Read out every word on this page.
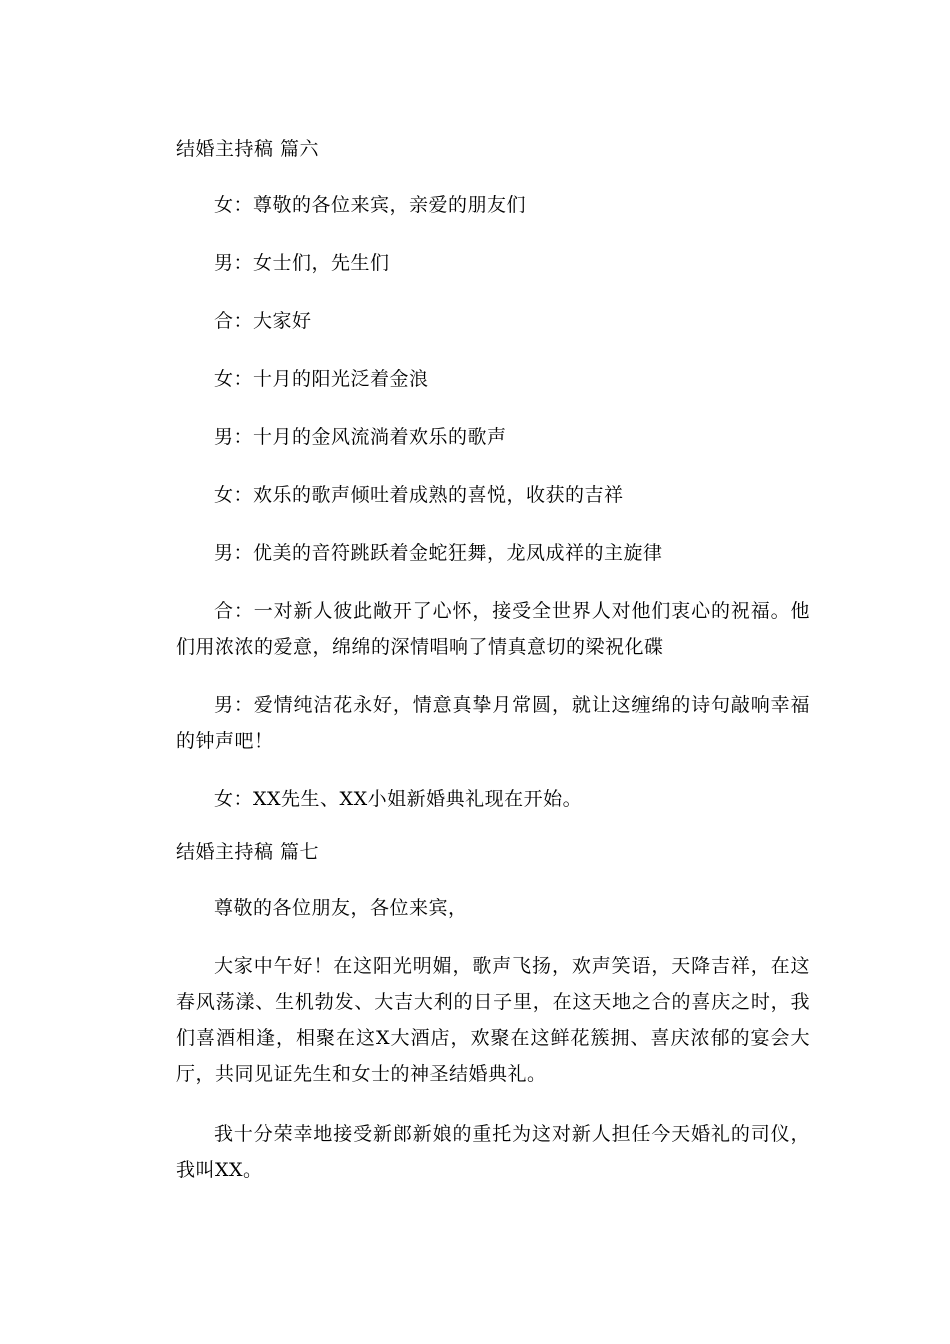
结婚主持稿 篇六

女：尊敬的各位来宾，亲爱的朋友们

男：女士们，先生们

合：大家好

女：十月的阳光泛着金浪

男：十月的金风流淌着欢乐的歌声

女：欢乐的歌声倾吐着成熟的喜悦，收获的吉祥

男：优美的音符跳跃着金蛇狂舞，龙凤成祥的主旋律

合：一对新人彼此敞开了心怀，接受全世界人对他们衷心的祝福。他们用浓浓的爱意，绵绵的深情唱响了情真意切的梁祝化碟

男：爱情纯洁花永好，情意真挚月常圆，就让这缠绵的诗句敲响幸福的钟声吧！

女：XX先生、XX小姐新婚典礼现在开始。

结婚主持稿 篇七

尊敬的各位朋友，各位来宾，

大家中午好！在这阳光明媚，歌声飞扬，欢声笑语，天降吉祥，在这春风荡漾、生机勃发、大吉大利的日子里，在这天地之合的喜庆之时，我们喜酒相逢，相聚在这X大酒店，欢聚在这鲜花簇拥、喜庆浓郁的宴会大厅，共同见证先生和女士的神圣结婚典礼。

我十分荣幸地接受新郎新娘的重托为这对新人担任今天婚礼的司仪，我叫XX。
